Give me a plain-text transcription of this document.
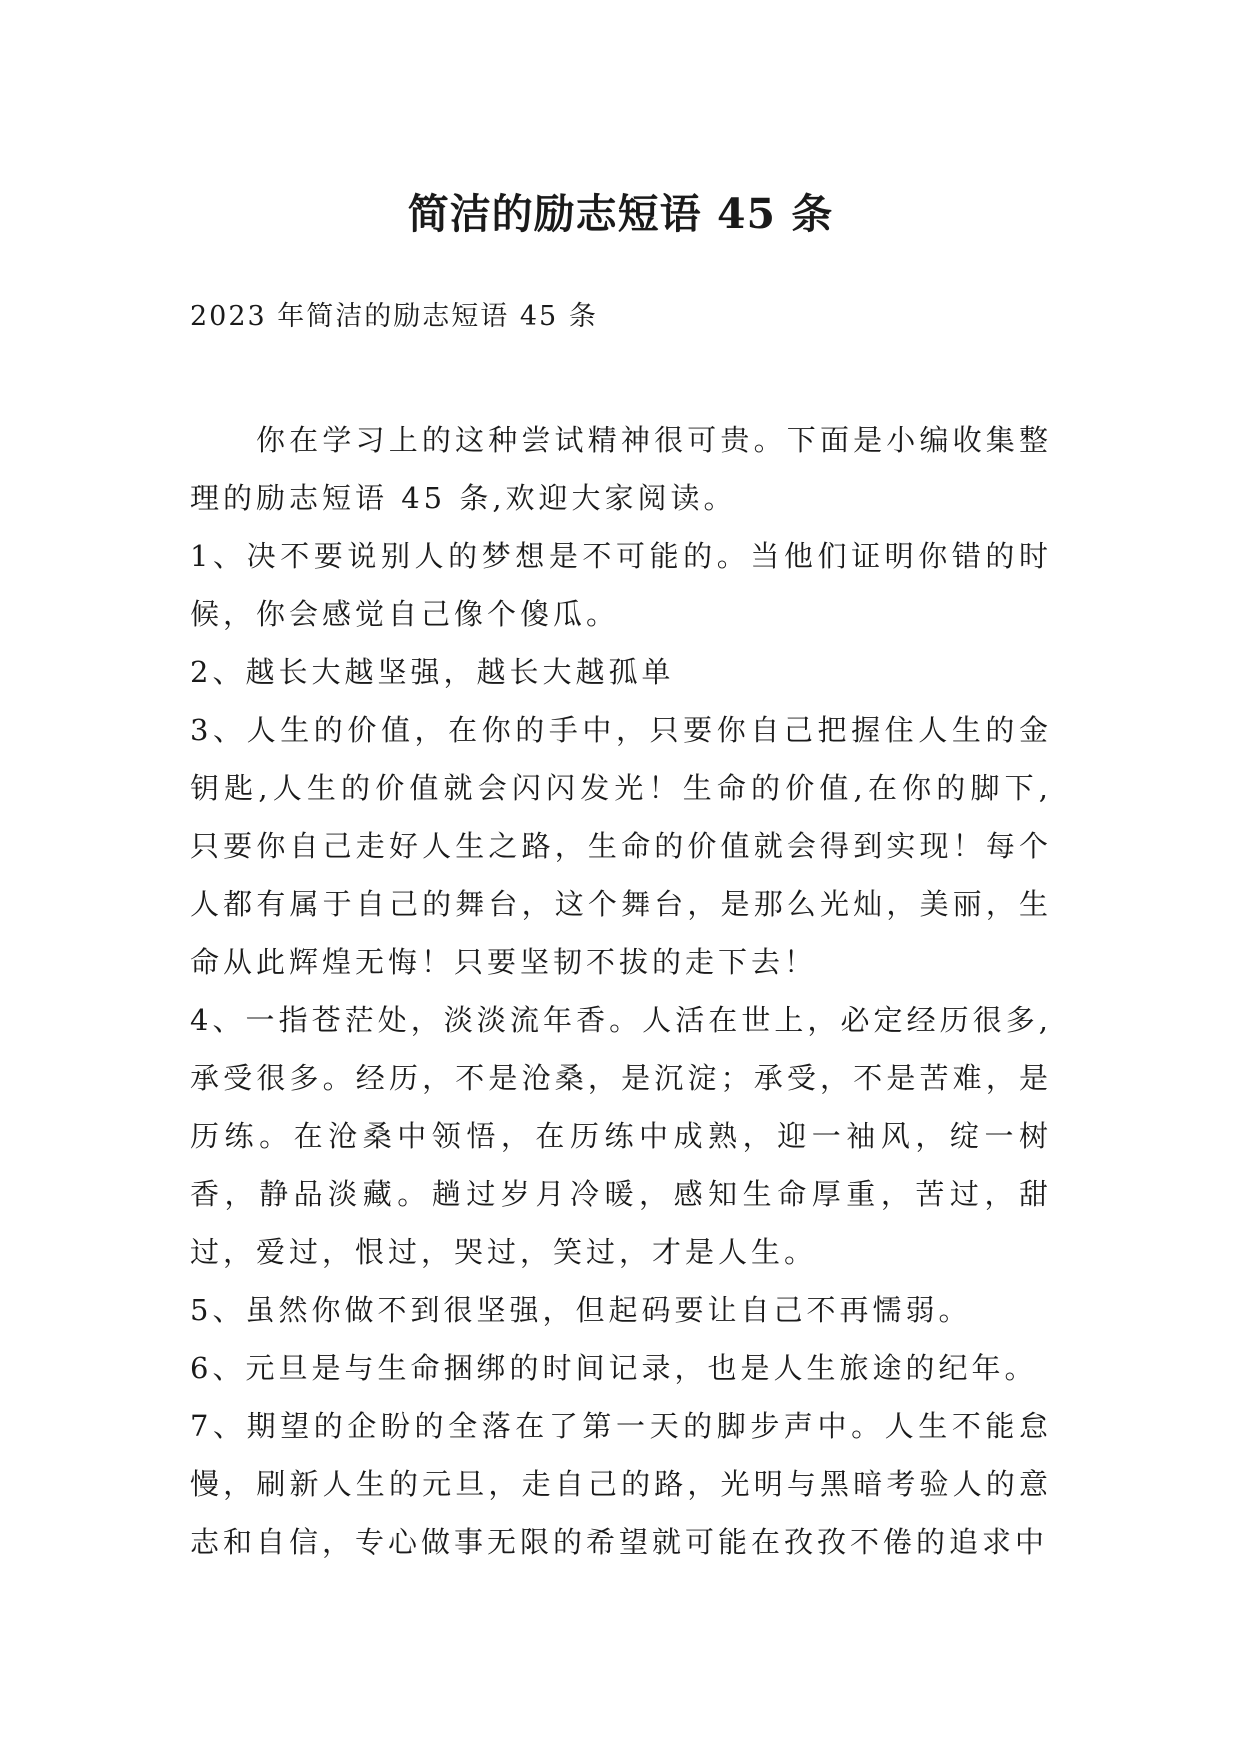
简洁的励志短语 45 条
2023 年简洁的励志短语 45 条

你在学习上的这种尝试精神很可贵。下面是小编收集整理的励志短语 45 条,欢迎大家阅读。

1、决不要说别人的梦想是不可能的。当他们证明你错的时候，你会感觉自己像个傻瓜。

2、越长大越坚强，越长大越孤单

3、人生的价值，在你的手中，只要你自己把握住人生的金钥匙,人生的价值就会闪闪发光！生命的价值,在你的脚下,只要你自己走好人生之路，生命的价值就会得到实现！每个人都有属于自己的舞台，这个舞台，是那么光灿，美丽，生命从此辉煌无悔！只要坚韧不拔的走下去！

4、一指苍茫处，淡淡流年香。人活在世上，必定经历很多,承受很多。经历，不是沧桑，是沉淀；承受，不是苦难，是历练。在沧桑中领悟，在历练中成熟，迎一袖风，绽一树香，静品淡藏。趟过岁月冷暖，感知生命厚重，苦过，甜过，爱过，恨过，哭过，笑过，才是人生。

5、虽然你做不到很坚强，但起码要让自己不再懦弱。

6、元旦是与生命捆绑的时间记录，也是人生旅途的纪年。

7、期望的企盼的全落在了第一天的脚步声中。人生不能怠慢，刷新人生的元旦，走自己的路，光明与黑暗考验人的意志和自信，专心做事无限的希望就可能在孜孜不倦的追求中
